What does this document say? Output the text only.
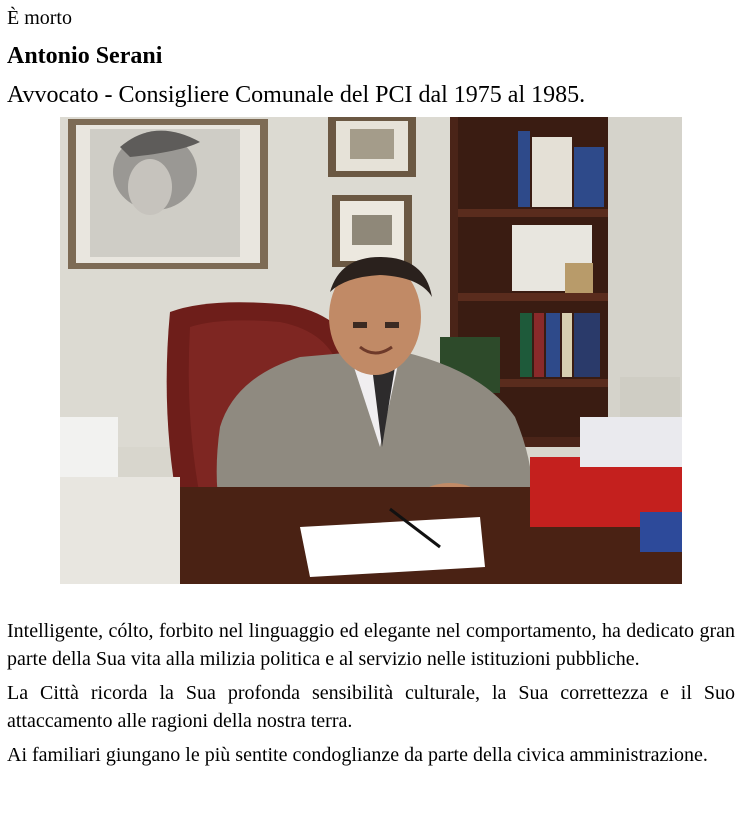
È morto
Antonio Serani
Avvocato - Consigliere Comunale del PCI dal 1975 al 1985.

Intelligente, cólto, forbito nel linguaggio ed elegante nel comportamento, ha dedicato gran parte della Sua vita alla milizia politica e al servizio nelle istituzioni pubbliche.

La Città ricorda la Sua profonda sensibilità culturale, la Sua correttezza e il Suo attaccamento alle ragioni della nostra terra.

Ai familiari giungano le più sentite condoglianze da parte della civica amministrazione.
